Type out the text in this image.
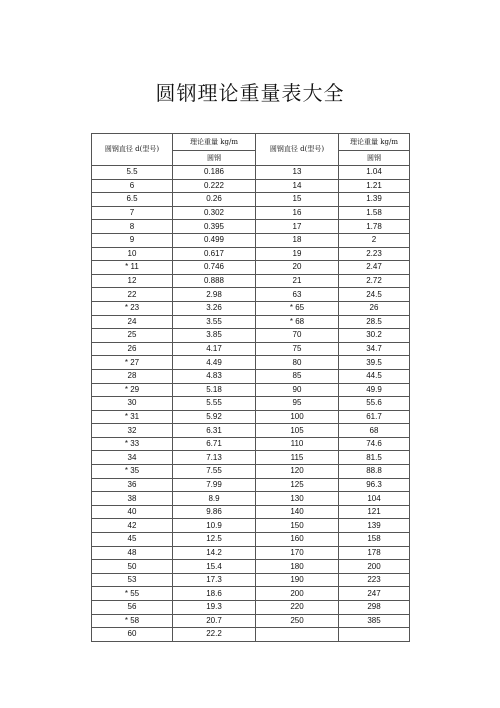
圆钢理论重量表大全
圆钢直径 d(型号)	理论重量 kg/m	圆钢直径 d(型号)	理论重量 kg/m
	圆钢		圆钢
5.5	0.186	13	1.04
6	0.222	14	1.21
6.5	0.26	15	1.39
7	0.302	16	1.58
8	0.395	17	1.78
9	0.499	18	2
10	0.617	19	2.23
* 11	0.746	20	2.47
12	0.888	21	2.72
22	2.98	63	24.5
* 23	3.26	* 65	26
24	3.55	* 68	28.5
25	3.85	70	30.2
26	4.17	75	34.7
* 27	4.49	80	39.5
28	4.83	85	44.5
* 29	5.18	90	49.9
30	5.55	95	55.6
* 31	5.92	100	61.7
32	6.31	105	68
* 33	6.71	110	74.6
34	7.13	115	81.5
* 35	7.55	120	88.8
36	7.99	125	96.3
38	8.9	130	104
40	9.86	140	121
42	10.9	150	139
45	12.5	160	158
48	14.2	170	178
50	15.4	180	200
53	17.3	190	223
* 55	18.6	200	247
56	19.3	220	298
* 58	20.7	250	385
60	22.2		
